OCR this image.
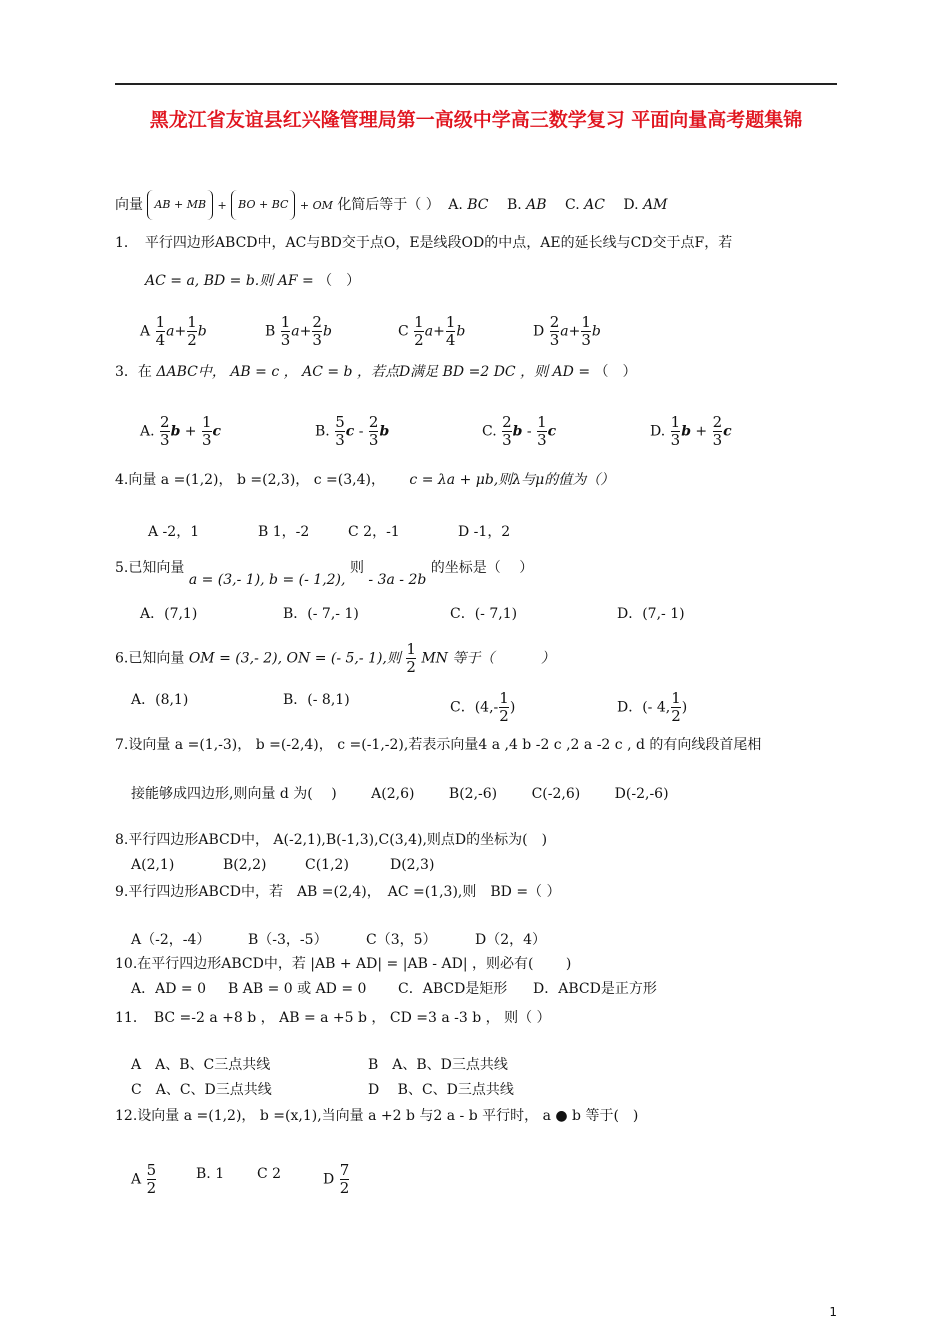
黑龙江省友谊县红兴隆管理局第一高级中学高三数学复习 平面向量高考题集锦
向量 AB + MB + BO + BC + OM 化简后等于（ ） A. BC B. AB C. AC D. AM
1．　平行四边形ABCD中，AC与BD交于点O，E是线段OD的中点，AE的延长线与CD交于点F，若
AC = a, BD = b.则 AF = （　）
A $\frac{1}{4} a+ \frac{1}{2}$ b	B $\frac{1}{3} a+ \frac{2}{3}$ b	C $\frac{1}{2} a+ \frac{1}{4}$ b	D $\frac{2}{3} a+ \frac{1}{3}$ b
3．在 ΔABC中， AB = c ， AC = b ，若点D满足 BD =2 DC ，则 AD = （　）
A. $\frac{2}{3}$ $b + \frac{1}{3}$ c	B. $\frac{5}{3}$ c - $\frac{2}{3}$ b	C. $\frac{2}{3}$ b - $\frac{1}{3}$ c	D. $\frac{1}{3}$ $b + \frac{2}{3}$ c
4.向量 a =(1,2)， b =(2,3)， c =(3,4)， c = λa + μb,则λ与μ的值为（）
A -2，1	B 1，-2	C 2，-1	D -1，2
5.已知向量 a = (3,- 1), b = (- 1,2), 则 - 3a - 2b 的坐标是（　 ）
A．(7,1)	B．(- 7,- 1)	C．(- 7,1)	D．(7,- 1)
6.已知向量 OM = (3,- 2), ON = (- 5,- 1),则 $\frac{1}{2}$ MN 等于（　　　 ）
A．(8,1)	B．(- 8,1)	C．($4,- \frac{1}{2}$ )	D．(- 4, $\frac{1}{2}$ )
7.设向量 a =(1,-3)， b =(-2,4)， c =(-1,-2),若表示向量4 a ,4 b -2 c ,2 a -2 c , d 的有向线段首尾相
接能够成四边形,则向量 d 为(　 ) A(2,6) B(2,-6) C(-2,6) D(-2,-6)
8.平行四边形ABCD中， A(-2,1),B(-1,3),C(3,4),则点D的坐标为(　)
A(2,1)	B(2,2)	C(1,2)	D(2,3)
9.平行四边形ABCD中，若　AB =(2,4)，　AC =(1,3),则　BD =（ ）
A（-2，-4）	B（-3，-5）	C（3，5）	D（2，4）
10.在平行四边形ABCD中，若 |AB + AD| = |AB - AD| ，则必有(　　 )
A．AD = 0 B AB = 0 或 AD = 0 C．ABCD是矩形 D．ABCD是正方形
11．　BC =-2 a +8 b ， AB = a +5 b ， CD =3 a -3 b ， 则（ ）
A　A、B、C三点共线	B　A、B、D三点共线
C　A、C、D三点共线	D　 B、C、D三点共线
12.设向量 a =(1,2)， b =(x,1),当向量 a +2 b 与2 a - b 平行时， a ● b 等于(　)
A $\frac{5}{2}$	B. 1 C 2	D $\frac{7}{2}$
1
